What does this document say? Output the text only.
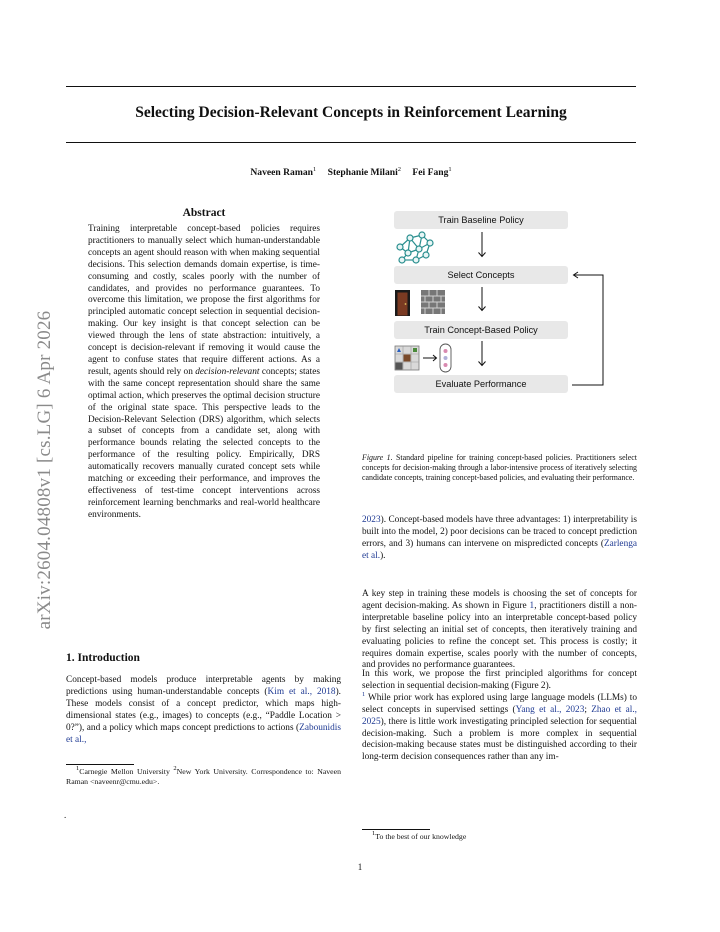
arXiv:2604.04808v1 [cs.LG] 6 Apr 2026
Selecting Decision-Relevant Concepts in Reinforcement Learning
Naveen Raman$^1$ Stephanie Milani$^2$ Fei Fang$^1$
Abstract

Training interpretable concept-based policies requires practitioners to manually select which human-understandable concepts an agent should reason with when making sequential decisions. This selection demands domain expertise, is time-consuming and costly, scales poorly with the number of candidates, and provides no performance guarantees. To overcome this limitation, we propose the first algorithms for principled automatic concept selection in sequential decision-making. Our key insight is that concept selection can be viewed through the lens of state abstraction: intuitively, a concept is decision-relevant if removing it would cause the agent to confuse states that require different actions. As a result, agents should rely on decision-relevant concepts; states with the same concept representation should share the same optimal action, which preserves the optimal decision structure of the original state space. This perspective leads to the Decision-Relevant Selection (DRS) algorithm, which selects a subset of concepts from a candidate set, along with performance bounds relating the selected concepts to the performance of the resulting policy. Empirically, DRS automatically recovers manually curated concept sets while matching or exceeding their performance, and improves the effectiveness of test-time concept interventions across reinforcement learning benchmarks and real-world healthcare environments.

1. Introduction

Concept-based models produce interpretable agents by making predictions using human-understandable concepts (Kim et al., 2018). These models consist of a concept predictor, which maps high-dimensional states (e.g., images) to concepts (e.g., “Paddle Location > 0?”), and a policy which maps concept predictions to actions (Zabounidis et al.,

$^1$Carnegie Mellon University $^2$New York University. Correspondence to: Naveen Raman <naveenr@cmu.edu>.
.
Train Baseline Policy
Select Concepts
Train Concept-Based Policy
Evaluate Performance
Figure 1. Standard pipeline for training concept-based policies. Practitioners select concepts for decision-making through a labor-intensive process of iteratively selecting candidate concepts, training concept-based policies, and evaluating their performance.

2023). Concept-based models have three advantages: 1) interpretability is built into the model, 2) poor decisions can be traced to concept prediction errors, and 3) humans can intervene on mispredicted concepts (Zarlenga et al.).

A key step in training these models is choosing the set of concepts for agent decision-making. As shown in Figure 1, practitioners distill a non-interpretable baseline policy into an interpretable concept-based policy by first selecting an initial set of concepts, then iteratively training and evaluating policies to refine the concept set. This process is costly; it requires domain expertise, scales poorly with the number of concepts, and provides no performance guarantees.

In this work, we propose the first principled algorithms for concept selection in sequential decision-making (Figure 2).
$^1$ While prior work has explored using large language models (LLMs) to select concepts in supervised settings (Yang et al., 2023; Zhao et al., 2025), there is little work investigating principled selection for sequential decision-making. Such a problem is more complex in sequential decision-making because states must be distinguished according to their long-term decision consequences rather than any im-

$^1$To the best of our knowledge
1
